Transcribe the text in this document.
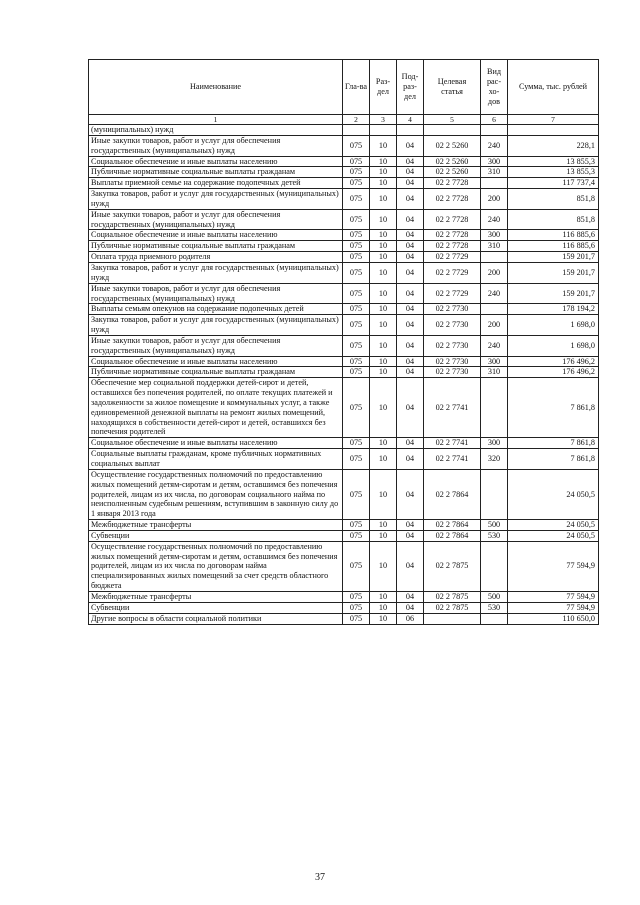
Наименование	Гла-ва	Раз-дел	Под-раз-дел	Целевая статья	Вид рас-хо-дов	Сумма, тыс. рублей
1	2	3	4	5	6	7
(муниципальных) нужд						
Иные закупки товаров, работ и услуг для обеспечения государственных (муниципальных) нужд	075	10	04	02 2 5260	240	228,1
Социальное обеспечение и иные выплаты населению	075	10	04	02 2 5260	300	13 855,3
Публичные нормативные социальные выплаты гражданам	075	10	04	02 2 5260	310	13 855,3
Выплаты приемной семье на содержание подопечных детей	075	10	04	02 2 7728		117 737,4
Закупка товаров, работ и услуг для государственных (муниципальных) нужд	075	10	04	02 2 7728	200	851,8
Иные закупки товаров, работ и услуг для обеспечения государственных (муниципальных) нужд	075	10	04	02 2 7728	240	851,8
Социальное обеспечение и иные выплаты населению	075	10	04	02 2 7728	300	116 885,6
Публичные нормативные социальные выплаты гражданам	075	10	04	02 2 7728	310	116 885,6
Оплата труда приемного родителя	075	10	04	02 2 7729		159 201,7
Закупка товаров, работ и услуг для государственных (муниципальных) нужд	075	10	04	02 2 7729	200	159 201,7
Иные закупки товаров, работ и услуг для обеспечения государственных (муниципальных) нужд	075	10	04	02 2 7729	240	159 201,7
Выплаты семьям опекунов на содержание подопечных детей	075	10	04	02 2 7730		178 194,2
Закупка товаров, работ и услуг для государственных (муниципальных) нужд	075	10	04	02 2 7730	200	1 698,0
Иные закупки товаров, работ и услуг для обеспечения государственных (муниципальных) нужд	075	10	04	02 2 7730	240	1 698,0
Социальное обеспечение и иные выплаты населению	075	10	04	02 2 7730	300	176 496,2
Публичные нормативные социальные выплаты гражданам	075	10	04	02 2 7730	310	176 496,2
Обеспечение мер социальной поддержки детей-сирот и детей, оставшихся без попечения родителей, по оплате текущих платежей и задолженности за жилое помещение и коммунальных услуг, а также единовременной денежной выплаты на ремонт жилых помещений, находящихся в собственности детей-сирот и детей, оставшихся без попечения родителей	075	10	04	02 2 7741		7 861,8
Социальное обеспечение и иные выплаты населению	075	10	04	02 2 7741	300	7 861,8
Социальные выплаты гражданам, кроме публичных нормативных социальных выплат	075	10	04	02 2 7741	320	7 861,8
Осуществление государственных полномочий по предоставлению жилых помещений детям-сиротам и детям, оставшимся без попечения родителей, лицам из их числа, по договорам социального найма по неисполненным судебным решениям, вступившим в законную силу до 1 января 2013 года	075	10	04	02 2 7864		24 050,5
Межбюджетные трансферты	075	10	04	02 2 7864	500	24 050,5
Субвенции	075	10	04	02 2 7864	530	24 050,5
Осуществление государственных полномочий по предоставлению жилых помещений детям-сиротам и детям, оставшимся без попечения родителей, лицам из их числа по договорам найма специализированных жилых помещений за счет средств областного бюджета	075	10	04	02 2 7875		77 594,9
Межбюджетные трансферты	075	10	04	02 2 7875	500	77 594,9
Субвенции	075	10	04	02 2 7875	530	77 594,9
Другие вопросы в области социальной политики	075	10	06			110 650,0
37
